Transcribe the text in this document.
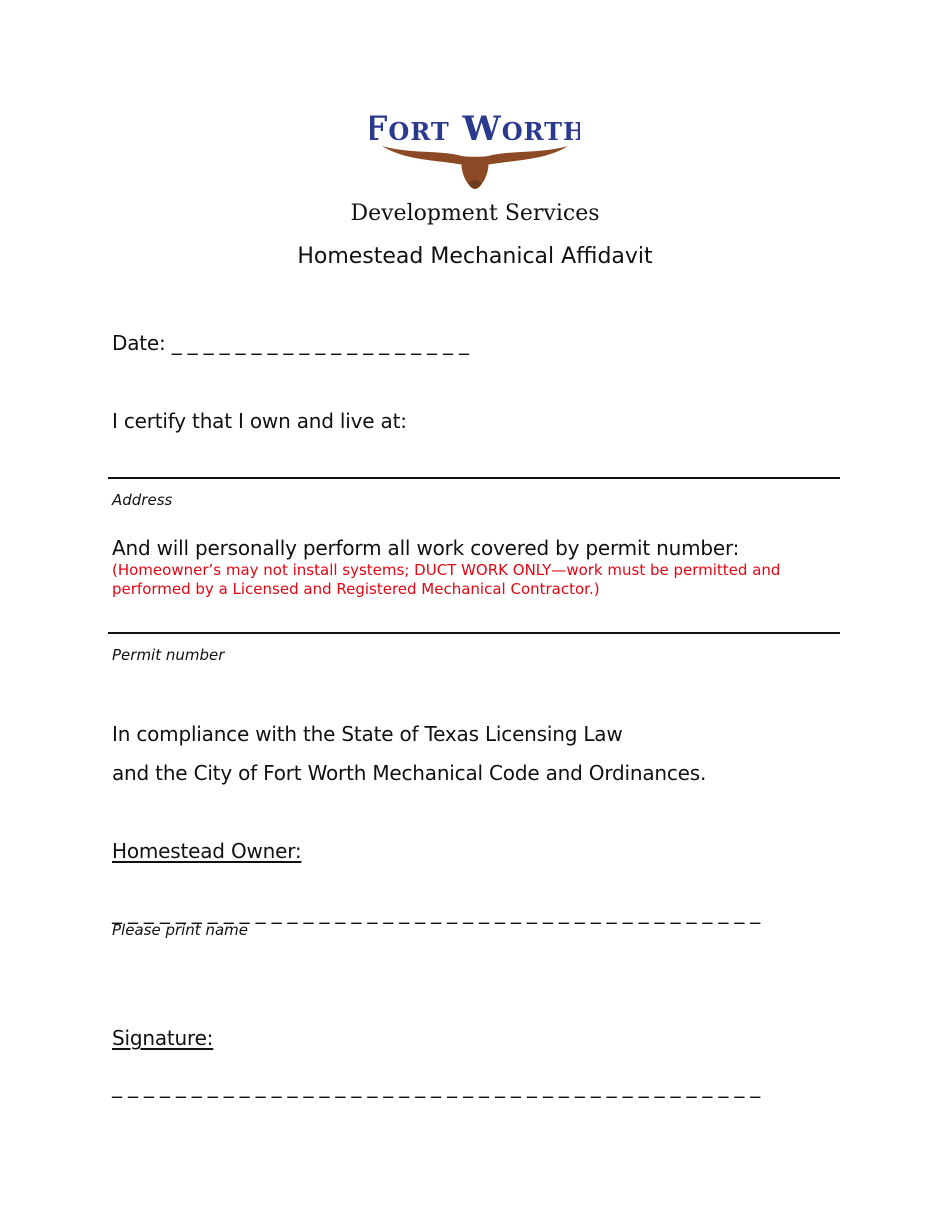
Fort Worth
Development Services
Homestead Mechanical Affidavit
Date: _ _ _ _ _ _ _ _ _ _ _ _ _ _ _ _ _ _ _
I certify that I own and live at:
Address
And will personally perform all work covered by permit number:
(Homeowner’s may not install systems; DUCT WORK ONLY—work must be permitted and
performed by a Licensed and Registered Mechanical Contractor.)
Permit number
In compliance with the State of Texas Licensing Law
and the City of Fort Worth Mechanical Code and Ordinances.
Homestead Owner:
_ _ _ _ _ _ _ _ _ _ _ _ _ _ _ _ _ _ _ _ _ _ _ _ _ _ _ _ _ _ _ _ _ _ _ _ _ _ _ _ _
Please print name
Signature:
_ _ _ _ _ _ _ _ _ _ _ _ _ _ _ _ _ _ _ _ _ _ _ _ _ _ _ _ _ _ _ _ _ _ _ _ _ _ _ _ _
